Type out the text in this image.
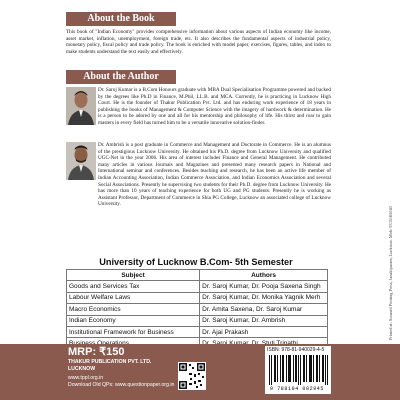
About the Book
This book of "Indian Economy" provides comprehensive information about various aspects of Indian economy like income, asset market, inflation, unemployment, foreign trade, etc. It also describes the fundamental aspects of industrial policy, monetary policy, fiscal policy and trade policy. The book is enriched with model paper, exercises, figures, tables, and index to make students understand the text easily and effectively.
About the Author
Dr. Saroj Kumar is a B.Com Honours graduate with MBA Dual Specialisation Programme powered and backed by the degrees like Ph.D in Finance, M.Phil, LL.B. and MCA. Currently, he is practicing in Lucknow High Court. He is the founder of Thakur Publication Pvt. Ltd. and has enduring work experience of 18 years in publishing the books of Management & Computer Science with the imagery of hardwork & determination. He is a person to be adored by one and all for his mentorship and philosophy of life. His thirst and roar to gain masters in every field has turned him to be a versatile innovative solution-finder.
Dr. Ambrish is a post graduate in Commerce and Management and Doctorate in Commerce. He is an alumnus of the prestigious Lucknow University. He obtained his Ph.D. degree from Lucknow University and qualified UGC-Net in the year 2006. His area of interest includes Finance and General Management. He contributed many articles in various Journals and Magazines and presented many research papers in National and International seminar and conferences. Besides teaching and research, he has been an active life member of Indian Accounting Association, Indian Commerce Association, and Indian Economics Association and several Social Associations. Presently he supervising two students for their Ph.D. degree from Lucknow University. He has more than 10 years of teaching experience for both UG and PG students. Presently he is working as Assistant Professor, Department of Commerce in Shia PG College, Lucknow an associated college of Lucknow University.
Printed at: Sonasid Printing Press, Janakipuram, Lucknow. Mob: 9335165040
University of Lucknow B.Com- 5th Semester
Subject	Authors
Goods and Services Tax	Dr. Saroj Kumar, Dr. Pooja Saxena Singh
Labour Welfare Laws	Dr. Saroj Kumar, Dr. Monika Yagnik Merh
Macro Economics	Dr. Amita Saxena, Dr. Saroj Kumar
Indian Economy	Dr. Saroj Kumar, Dr. Ambrish
Institutional Framework for Business	Dr. Ajai Prakash

MRP: ₹150
THAKUR PUBLICATION PVT. LTD.
LUCKNOW
www.tppl.org.in
Download Old QPs: www.questionpaper.org.in
ISBN: 978-81-940029-4-5
9 788194 002945
